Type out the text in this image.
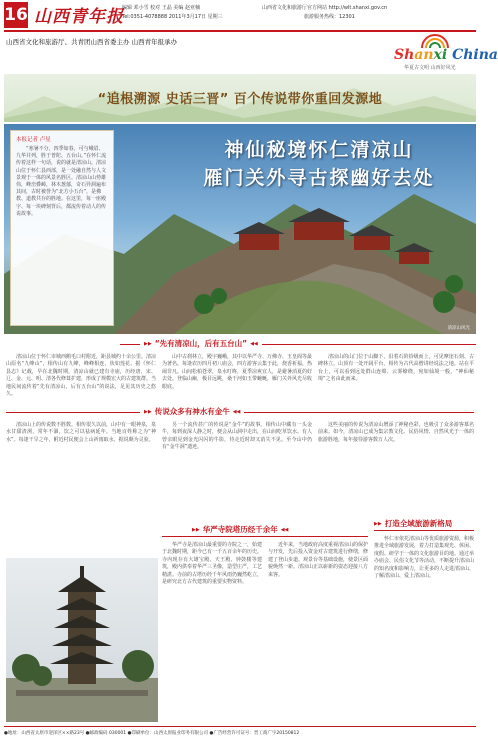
16 山西青年报
编辑 邓小雪 校对 王晶 美编 赵亚楠
Tel:0351-4078888 2011年3月17日 星期三
山西省文化和旅游厅官方网站 http://wlt.shanxi.gov.cn
旅游服务热线：12301
山西省文化和旅游厅、共青团山西省委主办 山西青年报承办
Shanxi China
华夏古文明 山西好风光
“追根溯源 史话三晋” 百个传说带你重回发源地
神仙秘境怀仁清凉山
雁门关外寻古探幽好去处
清凉山风光
本报记者 卢星
“寒暑不分，四季如春，可与峨眉、九华并列，胜于普陀、五台山。”在怀仁流传着这样一句话，说的就是清凉山。清凉山位于怀仁县西部，是一处融自然与人文景观于一体的风景名胜区。清凉山山势雄伟，峰峦叠嶂，林木葱郁，奇石异洞遍布其间，古时被誉为“北方小五台”，是佛教、道教共存的胜地。在这里，每一座殿宇、每一块碑刻背后，都流传着动人的传说故事。
▶▶ “先有清凉山，后有五台山” ◀◀
清凉山位于怀仁市城西鹅毛口村附近，距县城约十余公里。清凉山原名“九峰山”，相传山有九峰，峰峰相连，状如莲花。据《怀仁县志》记载，早在北魏时期，清凉山就已建有寺庙，历经唐、宋、辽、金、元、明、清各代修葺扩建，形成了规模宏大的古建筑群。当地民间流传着“先有清凉山，后有五台山”的说法，足见其历史之悠久。
山中古刹林立，殿宇巍峨，其中以华严寺、万佛寺、玉皇阁等最为著名。每逢农历四月初八庙会，四方游客云集于此，烧香祈福，热闹非凡。山间松柏苍翠，泉水叮咚，夏季凉爽宜人，是避暑消夏的好去处。登临山巅，极目远眺，桑干河如玉带蜿蜒，雁门关外风光尽收眼底。
清凉山的山门位于山脚下，沿着石阶拾级而上，可见摩崖石刻、古碑林立。山顶有一处开阔平台，相传为古代高僧讲经说法之地。站在平台上，可以看到远处群山连绵、云雾缭绕，宛如仙境一般，“神仙秘境”之名由此而来。
▶▶ 传说众多有神水有金牛 ◀◀
清凉山上的传说数不胜数。相传很久以前，山中有一眼神泉，泉水甘甜清冽，常年不涸，饮之可以祛病延年。当地百姓称之为“神水”。每逢干旱之年，附近村民便会上山祈雨取水，据说颇为灵验。
另一个流传甚广的传说是“金牛”的故事。相传山中藏有一头金牛，每到夜深人静之时，便会从山洞中走出，在山间吃草饮水。有人曾亲眼见到金光闪闪的牛影，待走近时却又消失不见。至今山中仍有“金牛洞”遗迹。
这些美丽的传说为清凉山增添了神秘色彩，也吸引了众多游客慕名前来。如今，清凉山已成为集宗教文化、民俗风情、自然风光于一体的旅游胜地，每年接待游客数万人次。
▶▶ 打造全域旅游新格局
怀仁市依托清凉山等优质旅游资源，积极推进全域旅游发展，着力打造集观光、休闲、度假、研学于一体的文化旅游目的地。通过举办庙会、民俗文化节等活动，不断提升清凉山的知名度和影响力，让更多的人走进清凉山、了解清凉山、爱上清凉山。
▶▶ 华严寺院塔历经千余年 ◀◀
华严寺是清凉山最重要的寺院之一，始建于北魏时期，距今已有一千五百余年的历史。寺内现存有大雄宝殿、天王殿、钟鼓楼等建筑，殿内供奉着华严三圣像，造型庄严，工艺精湛。寺前的古塔历经千年风雨仍巍然屹立，是研究北方古代建筑的重要实物资料。
近年来，当地政府高度重视清凉山的保护与开发，先后投入资金对古建筑进行修缮，修建了登山步道、观景台等基础设施，使景区面貌焕然一新。清凉山正以崭新的姿态迎接八方来客。
●地址：山西省太原市迎泽区××路23号 ●邮政编码 030001 ●印刷单位：山西太原报业印务有限公司 ●广告经营许可证号：晋工商广字20150812
